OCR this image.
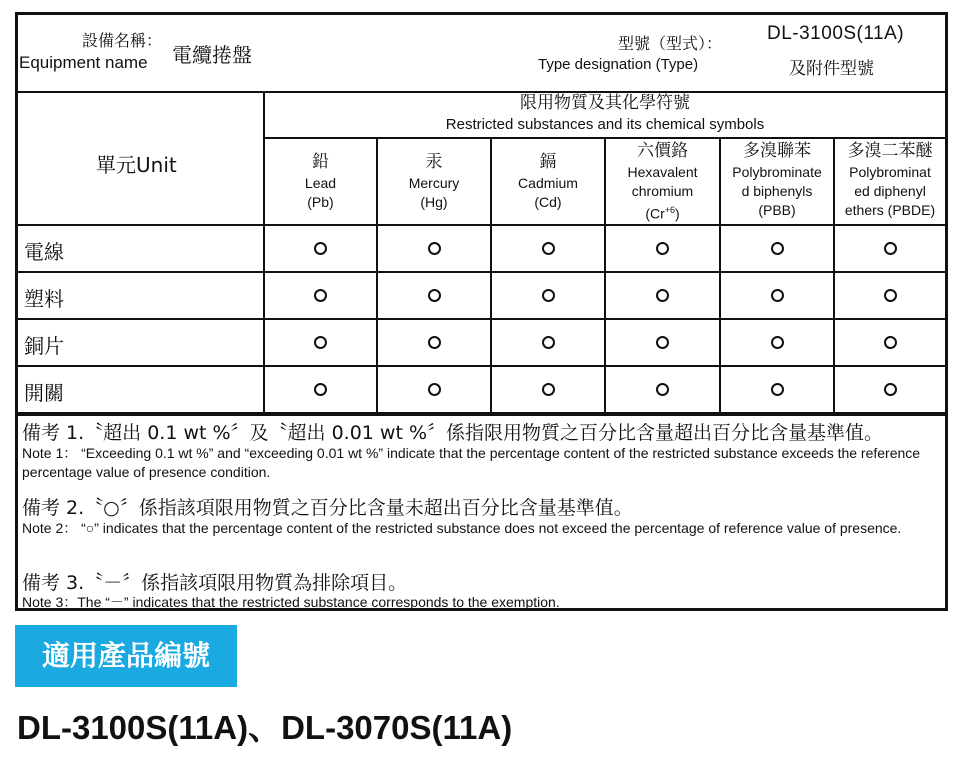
設備名稱：
Equipment name 電纜捲盤	型號（型式）：
Type designation (Type)
DL-3100S(11A)
及附件型號
單元Unit
限用物質及其化學符號
Restricted substances and its chemical symbols
鉛
Lead
(Pb)
汞
Mercury
(Hg)
鎘
Cadmium
(Cd)
六價鉻
Hexavalent
chromium
$(Cr^{+6})$
多溴聯苯
Polybrominate
d biphenyls
(PBB)
多溴二苯醚
Polybrominat
ed diphenyl
ethers (PBDE)
電線
塑料
銅片
開關
備考 1.〝超出 0.1 wt %〞及〝超出 0.01 wt %〞係指限用物質之百分比含量超出百分比含量基準值。
Note 1： “Exceeding 0.1 wt %” and “exceeding 0.01 wt %” indicate that the percentage content of the restricted substance exceeds the reference percentage value of presence condition.
備考 2.〝○〞係指該項限用物質之百分比含量未超出百分比含量基準值。
Note 2： “○” indicates that the percentage content of the restricted substance does not exceed the percentage of reference value of presence.
備考 3.〝－〞係指該項限用物質為排除項目。
Note 3：The “－” indicates that the restricted substance corresponds to the exemption.
適用產品編號
DL-3100S(11A)、DL-3070S(11A)
